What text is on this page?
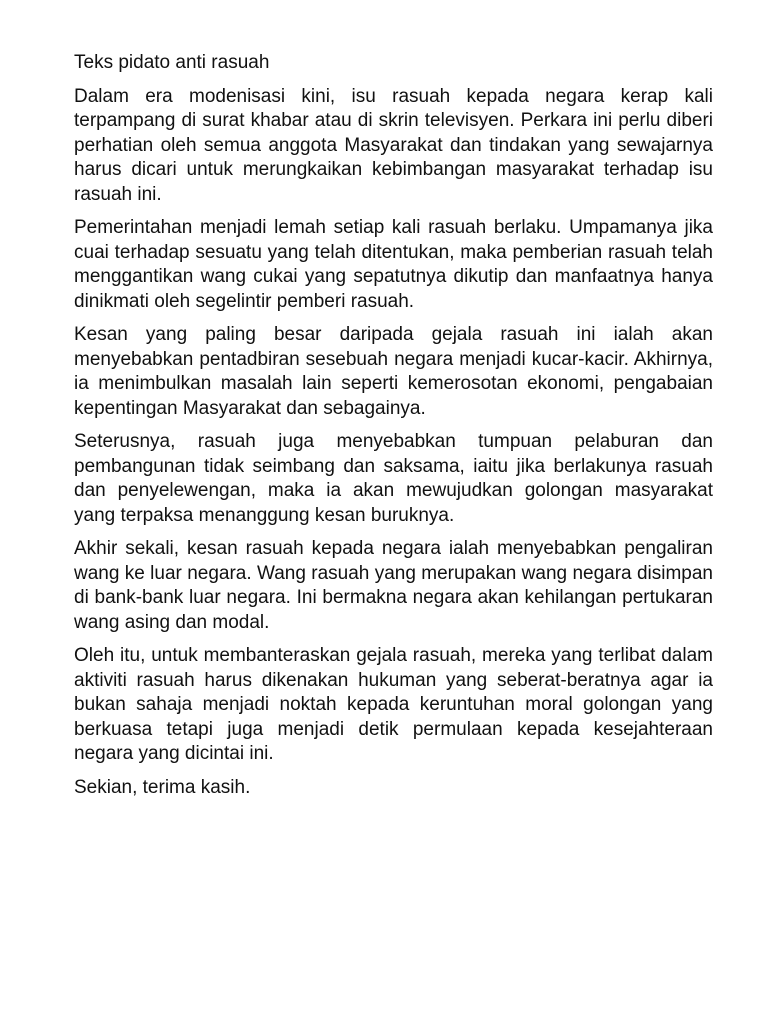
Teks pidato anti rasuah

Dalam era modenisasi kini, isu rasuah kepada negara kerap kali terpampang di surat khabar atau di skrin televisyen. Perkara ini perlu diberi perhatian oleh semua anggota Masyarakat dan tindakan yang sewajarnya harus dicari untuk merungkaikan kebimbangan masyarakat terhadap isu rasuah ini.

Pemerintahan menjadi lemah setiap kali rasuah berlaku. Umpamanya jika cuai terhadap sesuatu yang telah ditentukan, maka pemberian rasuah telah menggantikan wang cukai yang sepatutnya dikutip dan manfaatnya hanya dinikmati oleh segelintir pemberi rasuah.

Kesan yang paling besar daripada gejala rasuah ini ialah akan menyebabkan pentadbiran sesebuah negara menjadi kucar-kacir. Akhirnya, ia menimbulkan masalah lain seperti kemerosotan ekonomi, pengabaian kepentingan Masyarakat dan sebagainya.

Seterusnya, rasuah juga menyebabkan tumpuan pelaburan dan pembangunan tidak seimbang dan saksama, iaitu jika berlakunya rasuah dan penyelewengan, maka ia akan mewujudkan golongan masyarakat yang terpaksa menanggung kesan buruknya.

Akhir sekali, kesan rasuah kepada negara ialah menyebabkan pengaliran wang ke luar negara. Wang rasuah yang merupakan wang negara disimpan di bank-bank luar negara. Ini bermakna negara akan kehilangan pertukaran wang asing dan modal.

Oleh itu, untuk membanteraskan gejala rasuah, mereka yang terlibat dalam aktiviti rasuah harus dikenakan hukuman yang seberat-beratnya agar ia bukan sahaja menjadi noktah kepada keruntuhan moral golongan yang berkuasa tetapi juga menjadi detik permulaan kepada kesejahteraan negara yang dicintai ini.

Sekian, terima kasih.
